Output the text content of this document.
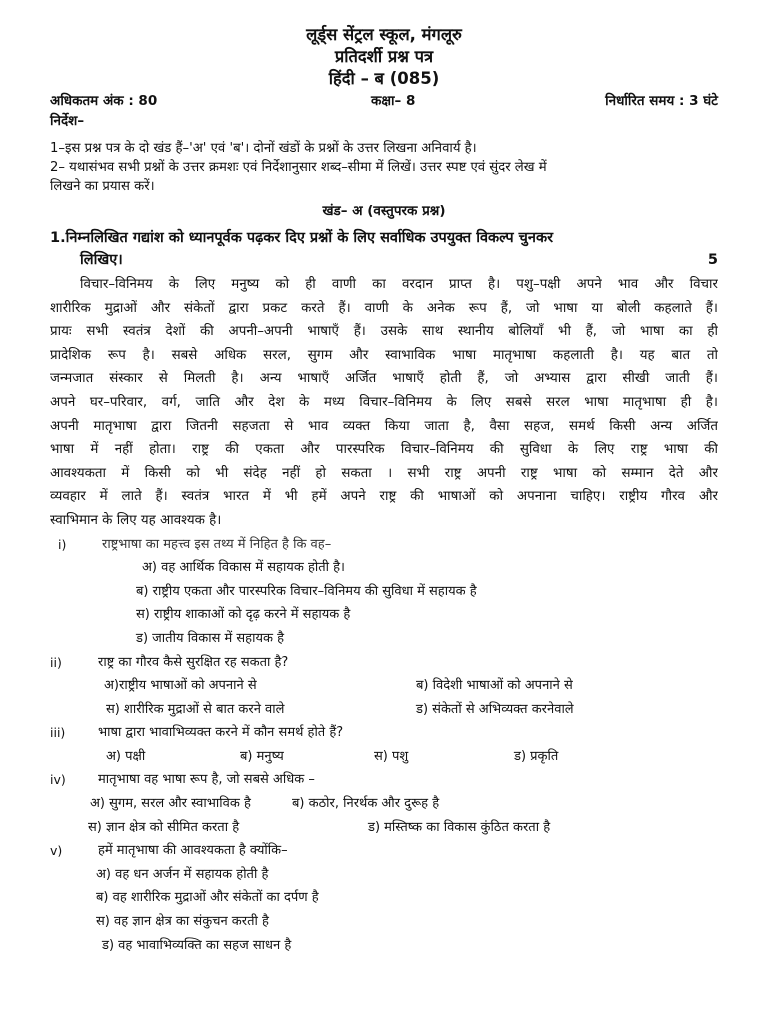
लूर्ड्स सेंट्रल स्कूल, मंगलूरु
प्रतिदर्शी प्रश्न पत्र
हिंदी – ब (085)
अधिकतम अंक : 80	कक्षा– 8	निर्धारित समय : 3 घंटे
निर्देश–
1–इस प्रश्न पत्र के दो खंड हैं–'अ' एवं 'ब'। दोनों खंडों के प्रश्नों के उत्तर लिखना अनिवार्य है।
2– यथासंभव सभी प्रश्नों के उत्तर क्रमशः एवं निर्देशानुसार शब्द–सीमा में लिखें। उत्तर स्पष्ट एवं सुंदर लेख में
लिखने का प्रयास करें।
खंड– अ (वस्तुपरक प्रश्न)
1.निम्नलिखित गद्यांश को ध्यानपूर्वक पढ़कर दिए प्रश्नों के लिए सर्वाधिक उपयुक्त विकल्प चुनकर
लिखिए।	5
विचार–विनिमय के लिए मनुष्य को ही वाणी का वरदान प्राप्त है। पशु–पक्षी अपने भाव और विचार
शारीरिक मुद्राओं और संकेतों द्वारा प्रकट करते हैं। वाणी के अनेक रूप हैं, जो भाषा या बोली कहलाते हैं।
प्रायः सभी स्वतंत्र देशों की अपनी–अपनी भाषाएँ हैं। उसके साथ स्थानीय बोलियाँ भी हैं, जो भाषा का ही
प्रादेशिक रूप है। सबसे अधिक सरल, सुगम और स्वाभाविक भाषा मातृभाषा कहलाती है। यह बात तो
जन्मजात संस्कार से मिलती है। अन्य भाषाएँ अर्जित भाषाएँ होती हैं, जो अभ्यास द्वारा सीखी जाती हैं।
अपने घर–परिवार, वर्ग, जाति और देश के मध्य विचार–विनिमय के लिए सबसे सरल भाषा मातृभाषा ही है।
अपनी मातृभाषा द्वारा जितनी सहजता से भाव व्यक्त किया जाता है, वैसा सहज, समर्थ किसी अन्य अर्जित
भाषा में नहीं होता। राष्ट्र की एकता और पारस्परिक विचार–विनिमय की सुविधा के लिए राष्ट्र भाषा की
आवश्यकता में किसी को भी संदेह नहीं हो सकता । सभी राष्ट्र अपनी राष्ट्र भाषा को सम्मान देते और
व्यवहार में लाते हैं। स्वतंत्र भारत में भी हमें अपने राष्ट्र की भाषाओं को अपनाना चाहिए। राष्ट्रीय गौरव और
स्वाभिमान के लिए यह आवश्यक है।
i)	राष्ट्रभाषा का महत्त्व इस तथ्य में निहित है कि वह–
अ) वह आर्थिक विकास में सहायक होती है।
ब) राष्ट्रीय एकता और पारस्परिक विचार–विनिमय की सुविधा में सहायक है
स) राष्ट्रीय शाकाओं को दृढ़ करने में सहायक है
ड) जातीय विकास में सहायक है
ii)	राष्ट्र का गौरव कैसे सुरक्षित रह सकता है?
अ)राष्ट्रीय भाषाओं को अपनाने से	ब) विदेशी भाषाओं को अपनाने से
स) शारीरिक मुद्राओं से बात करने वाले	ड) संकेतों से अभिव्यक्त करनेवाले
iii)	भाषा द्वारा भावाभिव्यक्त करने में कौन समर्थ होते हैं?
अ) पक्षी	ब) मनुष्य	स) पशु	ड) प्रकृति
iv)	मातृभाषा वह भाषा रूप है, जो सबसे अधिक –
अ) सुगम, सरल और स्वाभाविक है	ब) कठोर, निरर्थक और दुरूह है
स) ज्ञान क्षेत्र को सीमित करता है	ड) मस्तिष्क का विकास कुंठित करता है
v)	हमें मातृभाषा की आवश्यकता है क्योंकि–
अ) वह धन अर्जन में सहायक होती है
ब) वह शारीरिक मुद्राओं और संकेतों का दर्पण है
स) वह ज्ञान क्षेत्र का संकुचन करती है
ड) वह भावाभिव्यक्ति का सहज साधन है
